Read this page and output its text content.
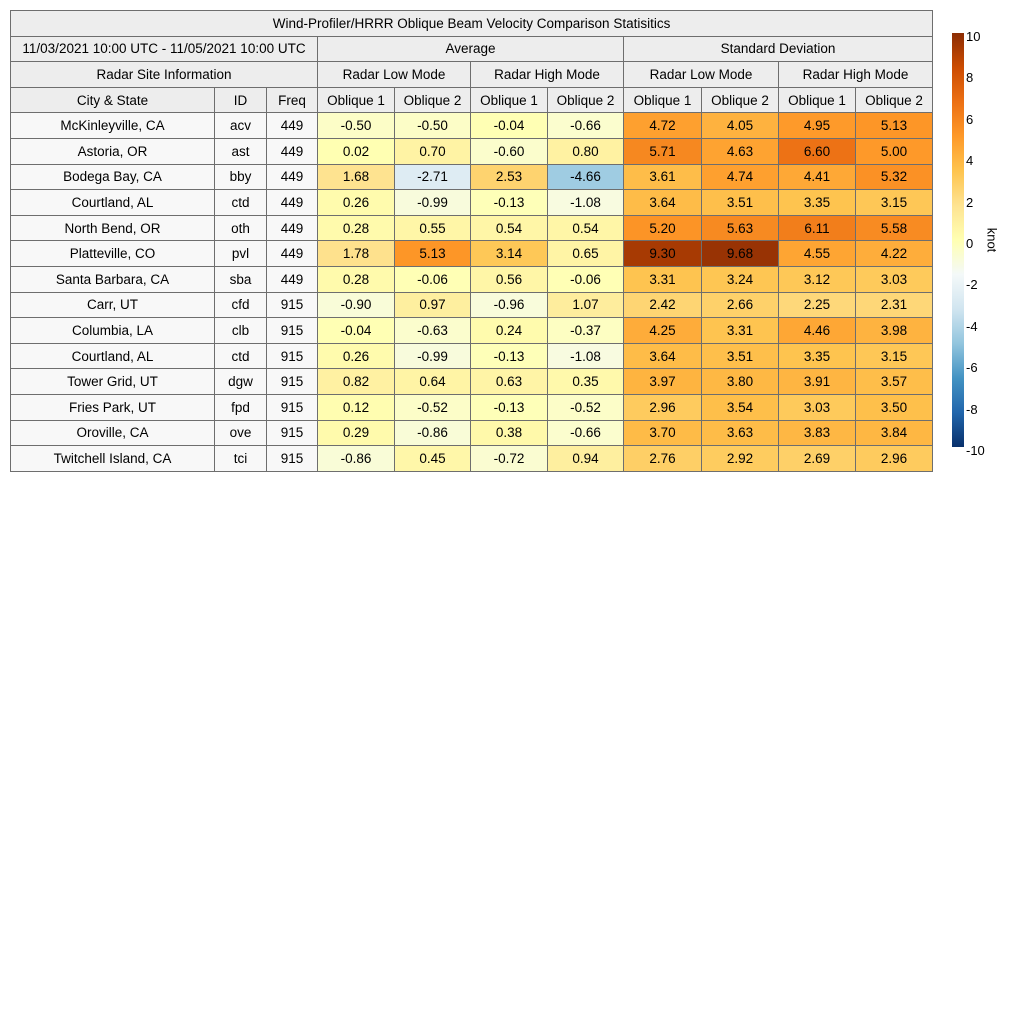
Wind-Profiler/HRRR Oblique Beam Velocity Comparison Statisitics										
11/03/2021 10:00 UTC - 11/05/2021 10:00 UTC			Average				Standard Deviation			
Radar Site Information			Radar Low Mode		Radar High Mode		Radar Low Mode		Radar High Mode	
City & State	ID	Freq	Oblique 1	Oblique 2	Oblique 1	Oblique 2	Oblique 1	Oblique 2	Oblique 1	Oblique 2
McKinleyville, CA	acv	449	-0.50	-0.50	-0.04	-0.66	4.72	4.05	4.95	5.13
Astoria, OR	ast	449	0.02	0.70	-0.60	0.80	5.71	4.63	6.60	5.00
Bodega Bay, CA	bby	449	1.68	-2.71	2.53	-4.66	3.61	4.74	4.41	5.32
Courtland, AL	ctd	449	0.26	-0.99	-0.13	-1.08	3.64	3.51	3.35	3.15
North Bend, OR	oth	449	0.28	0.55	0.54	0.54	5.20	5.63	6.11	5.58
Platteville, CO	pvl	449	1.78	5.13	3.14	0.65	9.30	9.68	4.55	4.22
Santa Barbara, CA	sba	449	0.28	-0.06	0.56	-0.06	3.31	3.24	3.12	3.03
Carr, UT	cfd	915	-0.90	0.97	-0.96	1.07	2.42	2.66	2.25	2.31
Columbia, LA	clb	915	-0.04	-0.63	0.24	-0.37	4.25	3.31	4.46	3.98
Courtland, AL	ctd	915	0.26	-0.99	-0.13	-1.08	3.64	3.51	3.35	3.15
Tower Grid, UT	dgw	915	0.82	0.64	0.63	0.35	3.97	3.80	3.91	3.57
Fries Park, UT	fpd	915	0.12	-0.52	-0.13	-0.52	2.96	3.54	3.03	3.50
Oroville, CA	ove	915	0.29	-0.86	0.38	-0.66	3.70	3.63	3.83	3.84
Twitchell Island, CA	tci	915	-0.86	0.45	-0.72	0.94	2.76	2.92	2.69	2.96
10
8
6
4
2
0
-2
-4
-6
-8
-10
knot
